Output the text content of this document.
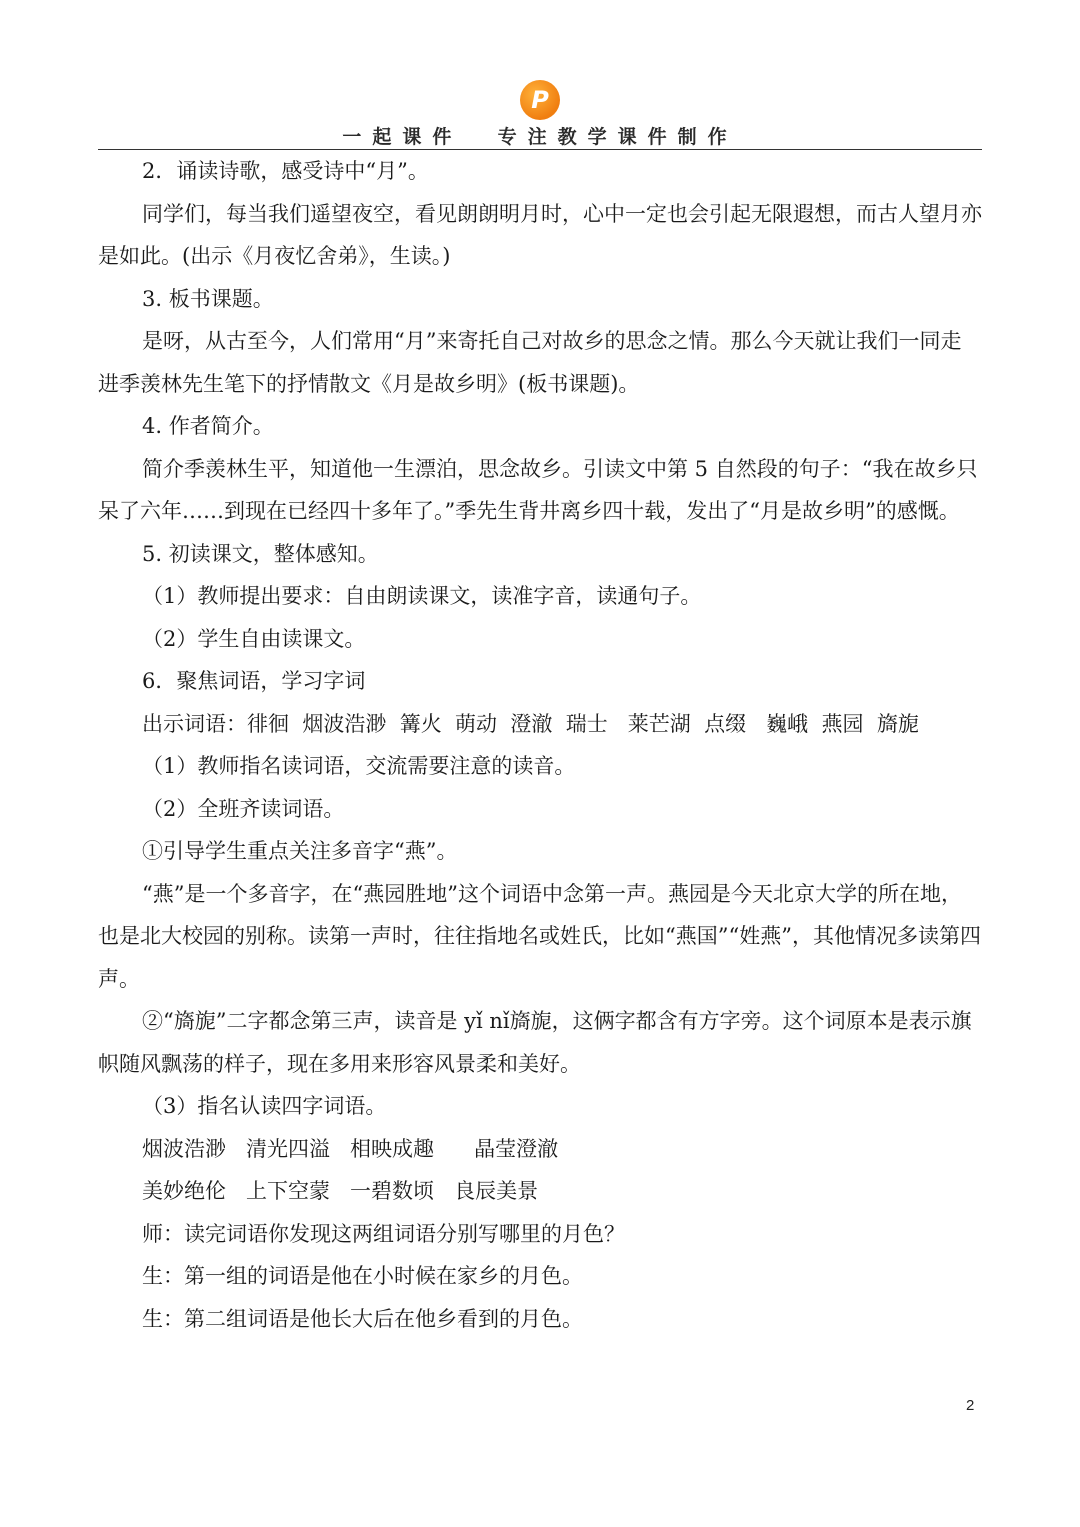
P
一起课件  专注教学课件制作

2．诵读诗歌，感受诗中“月”。

同学们，每当我们遥望夜空，看见朗朗明月时，心中一定也会引起无限遐想，而古人望月亦是如此。(出示《月夜忆舍弟》，生读。)

3. 板书课题。

是呀，从古至今，人们常用“月”来寄托自己对故乡的思念之情。那么今天就让我们一同走进季羡林先生笔下的抒情散文《月是故乡明》(板书课题)。

4. 作者简介。

简介季羡林生平，知道他一生漂泊，思念故乡。引读文中第 5 自然段的句子：“我在故乡只呆了六年……到现在已经四十多年了。”季先生背井离乡四十载，发出了“月是故乡明”的感慨。

5. 初读课文，整体感知。

（1）教师提出要求：自由朗读课文，读准字音，读通句子。

（2）学生自由读课文。

6．聚焦词语，学习字词

出示词语：徘徊  烟波浩渺  篝火  萌动  澄澈  瑞士   莱芒湖  点缀   巍峨  燕园  旖旎

（1）教师指名读词语，交流需要注意的读音。

（2）全班齐读词语。

①引导学生重点关注多音字“燕”。

“燕”是一个多音字，在“燕园胜地”这个词语中念第一声。燕园是今天北京大学的所在地，也是北大校园的别称。读第一声时，往往指地名或姓氏，比如“燕国”“姓燕”，其他情况多读第四声。

②“旖旎”二字都念第三声，读音是 yǐ nǐ旖旎，这俩字都含有方字旁。这个词原本是表示旗帜随风飘荡的样子，现在多用来形容风景柔和美好。

（3）指名认读四字词语。

烟波浩渺   清光四溢   相映成趣      晶莹澄澈

美妙绝伦   上下空蒙   一碧数顷   良辰美景

师：读完词语你发现这两组词语分别写哪里的月色？

生：第一组的词语是他在小时候在家乡的月色。

生：第二组词语是他长大后在他乡看到的月色。

2
